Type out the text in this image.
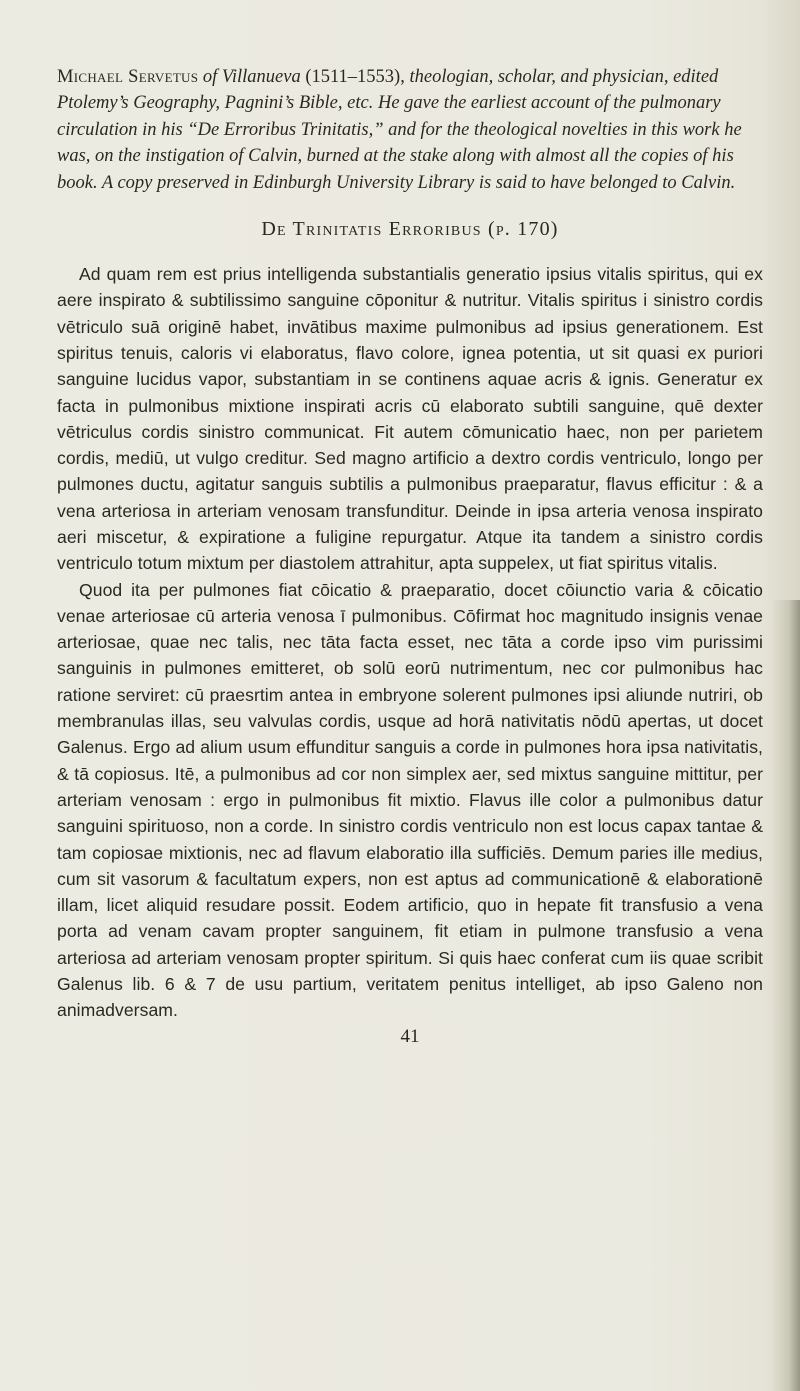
Michael Servetus of Villanueva (1511–1553), theologian, scholar, and physician, edited Ptolemy’s Geography, Pagnini’s Bible, etc. He gave the earliest account of the pulmonary circulation in his “De Erroribus Trinitatis,” and for the theological novelties in this work he was, on the instigation of Calvin, burned at the stake along with almost all the copies of his book. A copy preserved in Edinburgh University Library is said to have belonged to Calvin.

De Trinitatis Erroribus (p. 170)

Ad quam rem est prius intelligenda substantialis generatio ipsius vitalis spiritus, qui ex aere inspirato & subtilissimo sanguine cōponitur & nutritur. Vitalis spiritus i sinistro cordis vētriculo suā originē habet, invātibus maxime pulmonibus ad ipsius generationem. Est spiritus tenuis, caloris vi elaboratus, flavo colore, ignea potentia, ut sit quasi ex puriori sanguine lucidus vapor, substantiam in se continens aquae acris & ignis. Generatur ex facta in pulmonibus mixtione inspirati acris cū elaborato subtili sanguine, quē dexter vētriculus cordis sinistro communicat. Fit autem cōmunicatio haec, non per parietem cordis, mediū, ut vulgo creditur. Sed magno artificio a dextro cordis ventriculo, longo per pulmones ductu, agitatur sanguis subtilis a pulmonibus praeparatur, flavus efficitur : & a vena arteriosa in arteriam venosam transfunditur. Deinde in ipsa arteria venosa inspirato aeri miscetur, & expiratione a fuligine repurgatur. Atque ita tandem a sinistro cordis ventriculo totum mixtum per diastolem attrahitur, apta suppelex, ut fiat spiritus vitalis.

Quod ita per pulmones fiat cōicatio & praeparatio, docet cōiunctio varia & cōicatio venae arteriosae cū arteria venosa ī pulmonibus. Cōfirmat hoc magnitudo insignis venae arteriosae, quae nec talis, nec tāta facta esset, nec tāta a corde ipso vim purissimi sanguinis in pulmones emitteret, ob solū eorū nutrimentum, nec cor pulmonibus hac ratione serviret: cū praesrtim antea in embryone solerent pulmones ipsi aliunde nutriri, ob membranulas illas, seu valvulas cordis, usque ad horā nativitatis nōdū apertas, ut docet Galenus. Ergo ad alium usum effunditur sanguis a corde in pulmones hora ipsa nativitatis, & tā copiosus. Itē, a pulmonibus ad cor non simplex aer, sed mixtus sanguine mittitur, per arteriam venosam : ergo in pulmonibus fit mixtio. Flavus ille color a pulmonibus datur sanguini spirituoso, non a corde. In sinistro cordis ventriculo non est locus capax tantae & tam copiosae mixtionis, nec ad flavum elaboratio illa sufficiēs. Demum paries ille medius, cum sit vasorum & facultatum expers, non est aptus ad communicationē & elaborationē illam, licet aliquid resudare possit. Eodem artificio, quo in hepate fit transfusio a vena porta ad venam cavam propter sanguinem, fit etiam in pulmone transfusio a vena arteriosa ad arteriam venosam propter spiritum. Si quis haec conferat cum iis quae scribit Galenus lib. 6 & 7 de usu partium, veritatem penitus intelliget, ab ipso Galeno non animadversam.

41
